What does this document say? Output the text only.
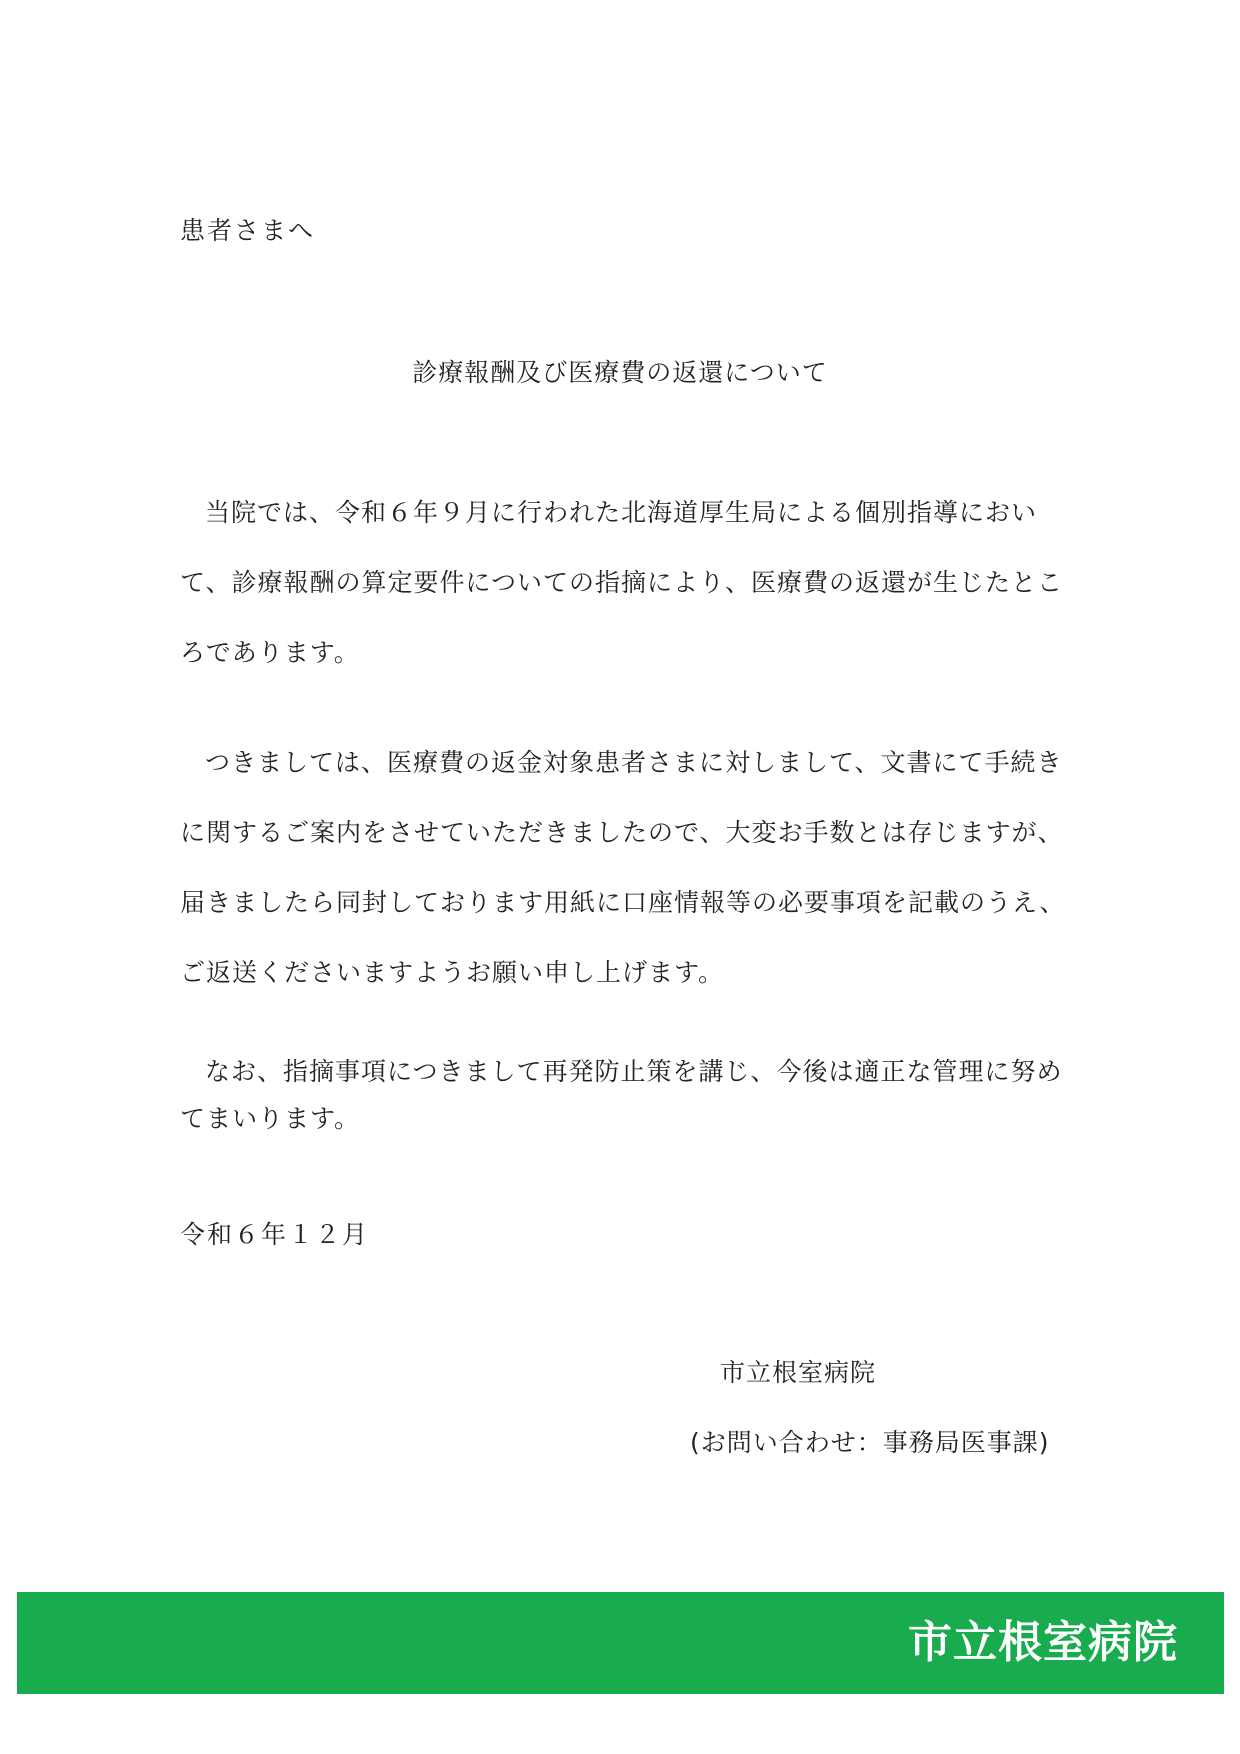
患者さまへ
診療報酬及び医療費の返還について

当院では、令和６年９月に行われた北海道厚生局による個別指導において、診療報酬の算定要件についての指摘により、医療費の返還が生じたところであります。

つきましては、医療費の返金対象患者さまに対しまして、文書にて手続きに関するご案内をさせていただきましたので、大変お手数とは存じますが、届きましたら同封しております用紙に口座情報等の必要事項を記載のうえ、ご返送くださいますようお願い申し上げます。

なお、指摘事項につきまして再発防止策を講じ、今後は適正な管理に努めてまいります。

令和６年１２月
市立根室病院
(お問い合わせ：事務局医事課)
市立根室病院
